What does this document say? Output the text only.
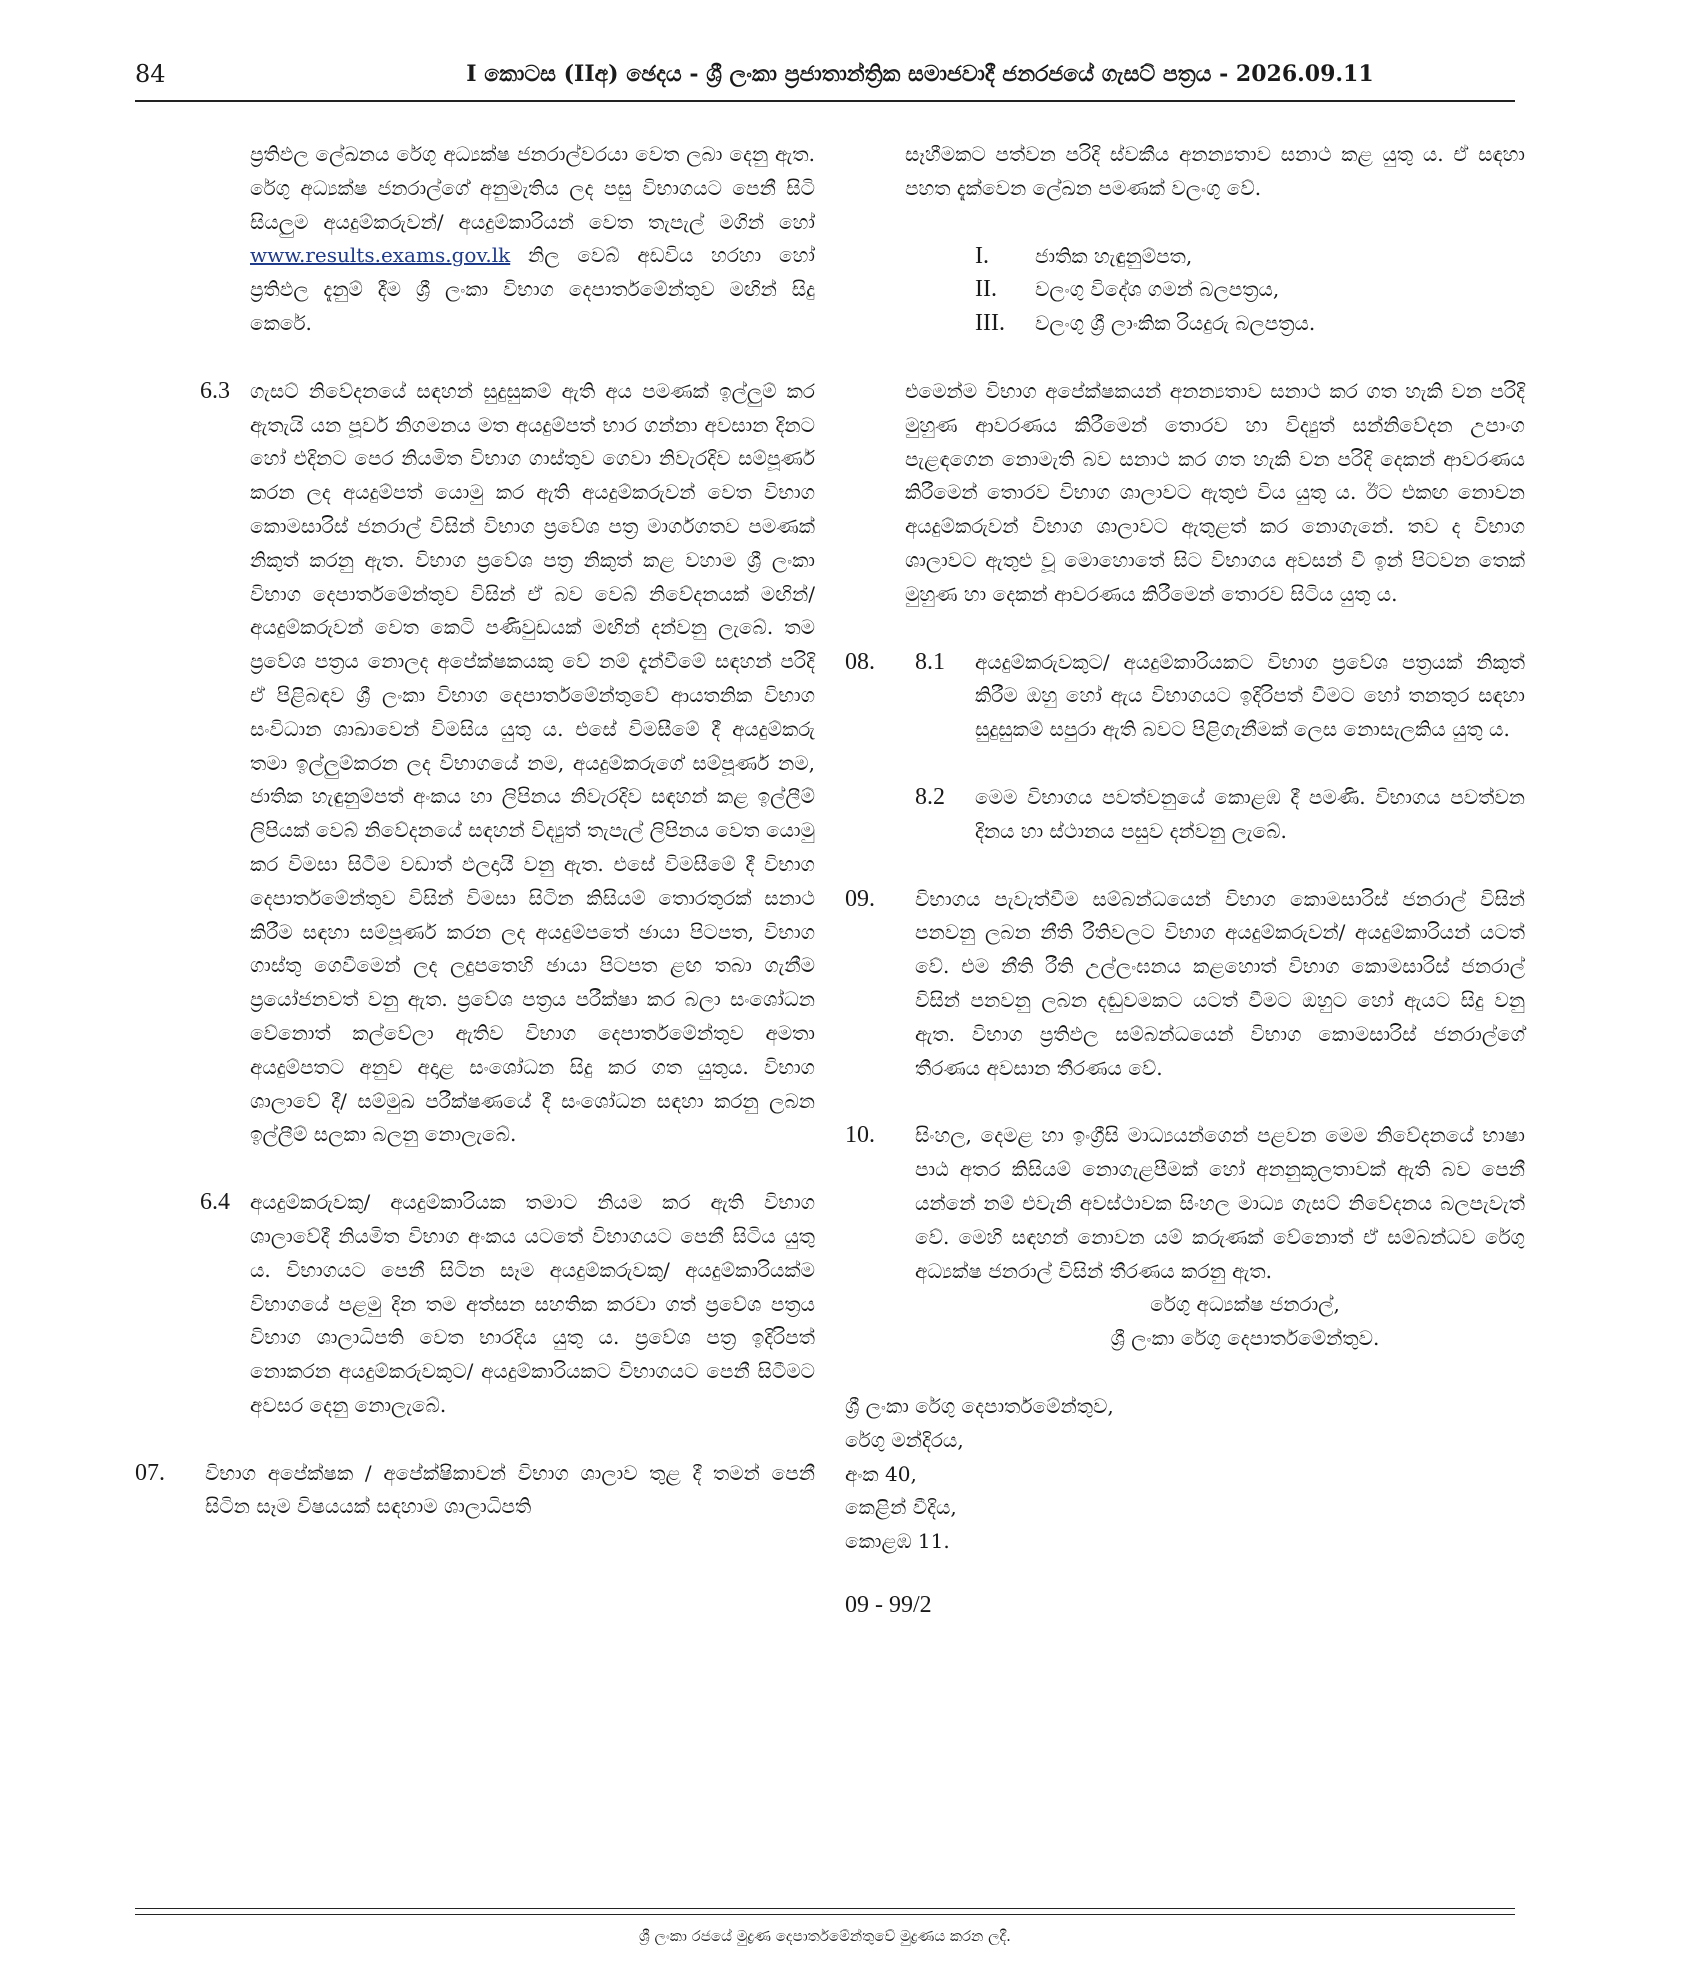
84	I කොටස (IIඅ) ඡෙදය - ශ්‍රී ලංකා ප්‍රජාතාන්ත්‍රික සමාජවාදී ජනරජයේ ගැසට් පත්‍රය - 2026.09.11

ප්‍රතිඵල ලේඛනය රේගු අධ්‍යක්ෂ ජනරාල්වරයා වෙත ලබා දෙනු ඇත. රේගු අධ්‍යක්ෂ ජනරාල්ගේ අනුමැතිය ලද පසු විභාගයට පෙනී සිටි සියලුම අයදුම්කරුවන්/ අයදුම්කාරියන් වෙත තැපැල් මගින් හෝ www.results.exams.gov.lk නිල වෙබ් අඩවිය හරහා හෝ ප්‍රතිඵල දැනුම් දීම ශ්‍රී ලංකා විභාග දෙපාර්තමේන්තුව මඟින් සිදු කෙරේ.

6.3	ගැසට් නිවේදනයේ සඳහන් සුදුසුකම් ඇති අය පමණක් ඉල්ලුම් කර ඇතැයි යන පූර්ව නිගමනය මත අයදුම්පත් භාර ගන්නා අවසාන දිනට හෝ එදිනට පෙර නියමිත විභාග ගාස්තුව ගෙවා නිවැරදිව සම්පූර්ණ කරන ලද අයදුම්පත් යොමු කර ඇති අයදුම්කරුවන් වෙත විභාග කොමසාරිස් ජනරාල් විසින් විභාග ප්‍රවේශ පත්‍ර මාර්ගගතව පමණක් නිකුත් කරනු ඇත. විභාග ප්‍රවේශ පත්‍ර නිකුත් කළ වහාම ශ්‍රී ලංකා විභාග දෙපාර්තමේන්තුව විසින් ඒ බව වෙබ් නිවේදනයක් මඟින්/ අයදුම්කරුවන් වෙත කෙටි පණිවුඩයක් මඟින් දන්වනු ලැබේ. තම ප්‍රවේශ පත්‍රය නොලද අපේක්ෂකයකු වේ නම් දැන්වීමේ සඳහන් පරිදි ඒ පිළිබඳව ශ්‍රී ලංකා විභාග දෙපාර්තමේන්තුවේ ආයතනික විභාග සංවිධාන ශාඛාවෙන් විමසිය යුතු ය. එසේ විමසීමේ දී අයදුම්කරු තමා ඉල්ලුම්කරන ලද විභාගයේ නම, අයදුම්කරුගේ සම්පූර්ණ නම, ජාතික හැඳුනුම්පත් අංකය හා ලිපිනය නිවැරදිව සඳහන් කළ ඉල්ලීම් ලිපියක් වෙබ් නිවේදනයේ සඳහන් විද්‍යුත් තැපැල් ලිපිනය වෙත යොමු කර විමසා සිටීම වඩාත් ඵලදායී වනු ඇත. එසේ විමසීමේ දී විභාග දෙපාර්තමේන්තුව විසින් විමසා සිටින කිසියම් තොරතුරක් සනාථ කිරීම සඳහා සම්පූර්ණ කරන ලද අයදුම්පතේ ඡායා පිටපත, විභාග ගාස්තු ගෙවීමෙන් ලද ලදුපතෙහි ඡායා පිටපත ළඟ තබා ගැනීම ප්‍රයෝජනවත් වනු ඇත. ප්‍රවේශ පත්‍රය පරීක්ෂා කර බලා සංශෝධන වේනොත් කල්වේලා ඇතිව විභාග දෙපාර්තමේන්තුව අමතා අයදුම්පතට අනුව අදාළ සංශෝධන සිදු කර ගත යුතුය. විභාග ශාලාවේ දී/ සම්මුඛ පරීක්ෂණයේ දී සංශෝධන සඳහා කරනු ලබන ඉල්ලීම් සලකා බලනු නොලැබේ.

6.4	අයදුම්කරුවකු/ අයදුම්කාරියක තමාට නියම කර ඇති විභාග ශාලාවේදී නියමිත විභාග අංකය යටතේ විභාගයට පෙනී සිටිය යුතු ය. විභාගයට පෙනී සිටින සෑම අයදුම්කරුවකු/ අයදුම්කාරියක්ම විභාගයේ පළමු දින තම අත්සන සහතික කරවා ගත් ප්‍රවේශ පත්‍රය විභාග ශාලාධිපති වෙත භාරදිය යුතු ය. ප්‍රවේශ පත්‍ර ඉදිරිපත් නොකරන අයදුම්කරුවකුට/ අයදුම්කාරියකට විභාගයට පෙනී සිටීමට අවසර දෙනු නොලැබේ.

07.	විභාග අපේක්ෂක / අපේක්ෂිකාවන් විභාග ශාලාව තුළ දී තමන් පෙනී සිටින සෑම විෂයයක් සඳහාම ශාලාධිපති

සෑහීමකට පත්වන පරිදි ස්වකීය අනන්‍යතාව සනාථ කළ යුතු ය. ඒ සඳහා පහත දැක්වෙන ලේඛන පමණක් වලංගු වේ.

I. ජාතික හැඳුනුම්පත,
II. වලංගු විදේශ ගමන් බලපත්‍රය,
III. වලංගු ශ්‍රී ලාංකික රියදුරු බලපත්‍රය.

එමෙන්ම විභාග අපේක්ෂකයන් අනන්‍යතාව සනාථ කර ගත හැකි වන පරිදි මුහුණ ආවරණය කිරීමෙන් තොරව හා විද්‍යුත් සන්නිවේදන උපාංග පැළඳගෙන නොමැති බව සනාථ කර ගත හැකි වන පරිදි දෙකන් ආවරණය කිරීමෙන් තොරව විභාග ශාලාවට ඇතුළු විය යුතු ය. ඊට එකඟ නොවන අයදුම්කරුවන් විභාග ශාලාවට ඇතුළත් කර නොගැනේ. තව ද විභාග ශාලාවට ඇතුළු වූ මොහොතේ සිට විභාගය අවසන් වී ඉන් පිටවන තෙක් මුහුණ හා දෙකන් ආවරණය කිරීමෙන් තොරව සිටිය යුතු ය.

08. 8.1	අයදුම්කරුවකුට/ අයදුම්කාරියකට විභාග ප්‍රවේශ පත්‍රයක් නිකුත් කිරීම ඔහු හෝ ඇය විභාගයට ඉදිරිපත් වීමට හෝ තනතුර සඳහා සුදුසුකම් සපුරා ඇති බවට පිළිගැනීමක් ලෙස නොසැලකිය යුතු ය.

8.2	මෙම විභාගය පවත්වනුයේ කොළඹ දී පමණි. විභාගය පවත්වන දිනය හා ස්ථානය පසුව දන්වනු ලැබේ.

09.	විභාගය පැවැත්වීම සම්බන්ධයෙන් විභාග කොමසාරිස් ජනරාල් විසින් පනවනු ලබන නීති රීතිවලට විභාග අයදුම්කරුවන්/ අයදුම්කාරියන් යටත් වේ. එම නීති රීති උල්ලංඝනය කළහොත් විභාග කොමසාරිස් ජනරාල් විසින් පනවනු ලබන දඬුවමකට යටත් වීමට ඔහුට හෝ ඇයට සිදු වනු ඇත. විභාග ප්‍රතිඵල සම්බන්ධයෙන් විභාග කොමසාරිස් ජනරාල්ගේ තීරණය අවසාන තීරණය වේ.

10.	සිංහල, දෙමළ හා ඉංග්‍රීසි මාධ්‍යයන්ගෙන් පළවන මෙම නිවේදනයේ භාෂා පාඨ අතර කිසියම් නොගැළපීමක් හෝ අනනුකූලතාවක් ඇති බව පෙනී යන්නේ නම් එවැනි අවස්ථාවක සිංහල මාධ්‍ය ගැසට් නිවේදනය බලපැවැත් වේ. මෙහි සඳහන් නොවන යම් කරුණක් වේනොත් ඒ සම්බන්ධව රේගු අධ්‍යක්ෂ ජනරාල් විසින් තීරණය කරනු ඇත.

රේගු අධ්‍යක්ෂ ජනරාල්,
ශ්‍රී ලංකා රේගු දෙපාර්තමේන්තුව.
ශ්‍රී ලංකා රේගු දෙපාර්තමේන්තුව,
රේගු මන්දිරය,
අංක 40,
කෙළින් වීදිය,
කොළඹ 11.
09 - 99/2
ශ්‍රී ලංකා රජයේ මුද්‍රණ දෙපාර්තමේන්තුවේ මුද්‍රණය කරන ලදී.
